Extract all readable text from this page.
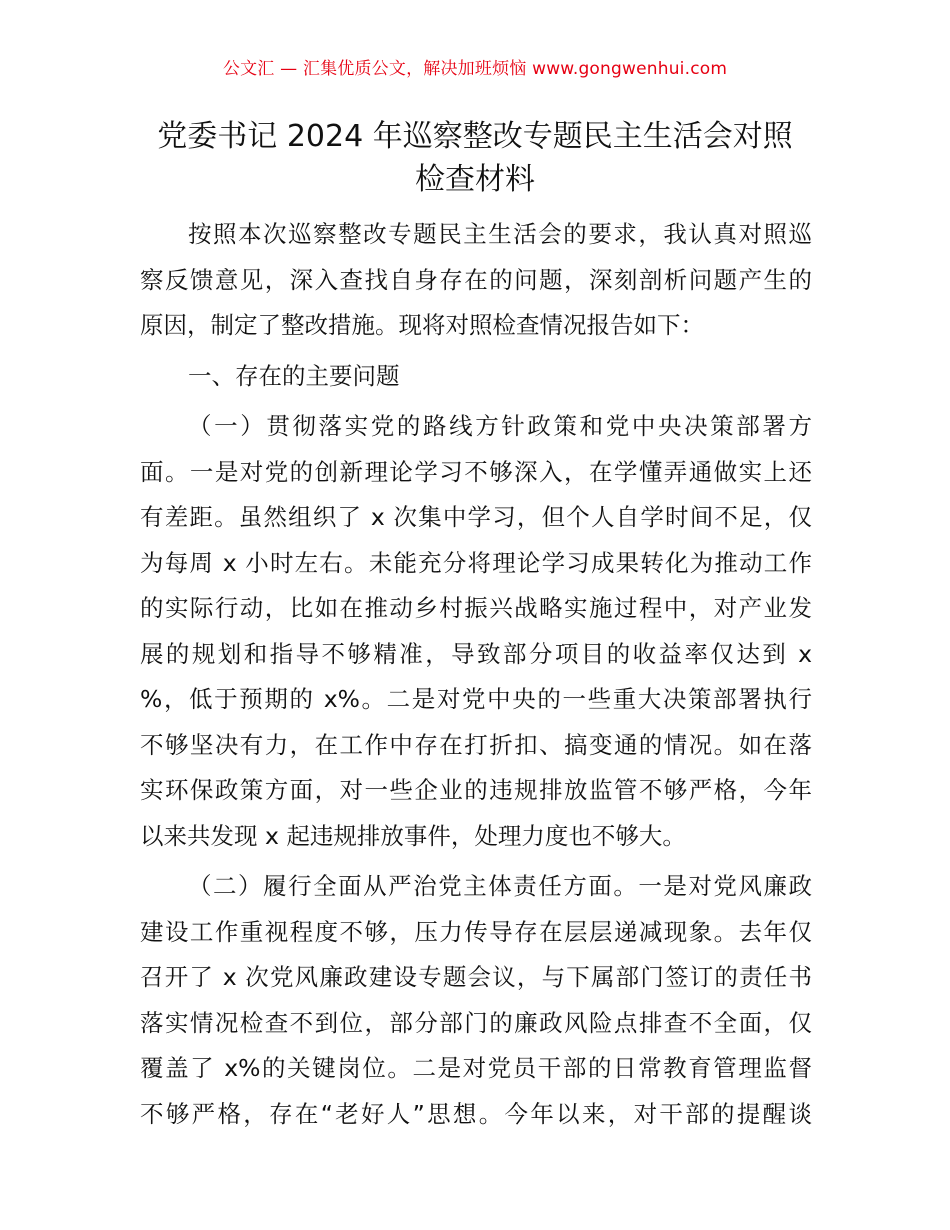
公文汇 — 汇集优质公文，解决加班烦恼 www.gongwenhui.com
党委书记 2024 年巡察整改专题民主生活会对照
检查材料

按照本次巡察整改专题民主生活会的要求，我认真对照巡
察反馈意见，深入查找自身存在的问题，深刻剖析问题产生的
原因，制定了整改措施。现将对照检查情况报告如下：

一、存在的主要问题

（一）贯彻落实党的路线方针政策和党中央决策部署方
面。一是对党的创新理论学习不够深入，在学懂弄通做实上还
有差距。虽然组织了 x 次集中学习，但个人自学时间不足，仅
为每周 x 小时左右。未能充分将理论学习成果转化为推动工作
的实际行动，比如在推动乡村振兴战略实施过程中，对产业发
展的规划和指导不够精准，导致部分项目的收益率仅达到 x
%，低于预期的 x%。二是对党中央的一些重大决策部署执行
不够坚决有力，在工作中存在打折扣、搞变通的情况。如在落
实环保政策方面，对一些企业的违规排放监管不够严格，今年
以来共发现 x 起违规排放事件，处理力度也不够大。

（二）履行全面从严治党主体责任方面。一是对党风廉政
建设工作重视程度不够，压力传导存在层层递减现象。去年仅
召开了 x 次党风廉政建设专题会议，与下属部门签订的责任书
落实情况检查不到位，部分部门的廉政风险点排查不全面，仅
覆盖了 x%的关键岗位。二是对党员干部的日常教育管理监督
不够严格，存在“老好人”思想。今年以来，对干部的提醒谈
